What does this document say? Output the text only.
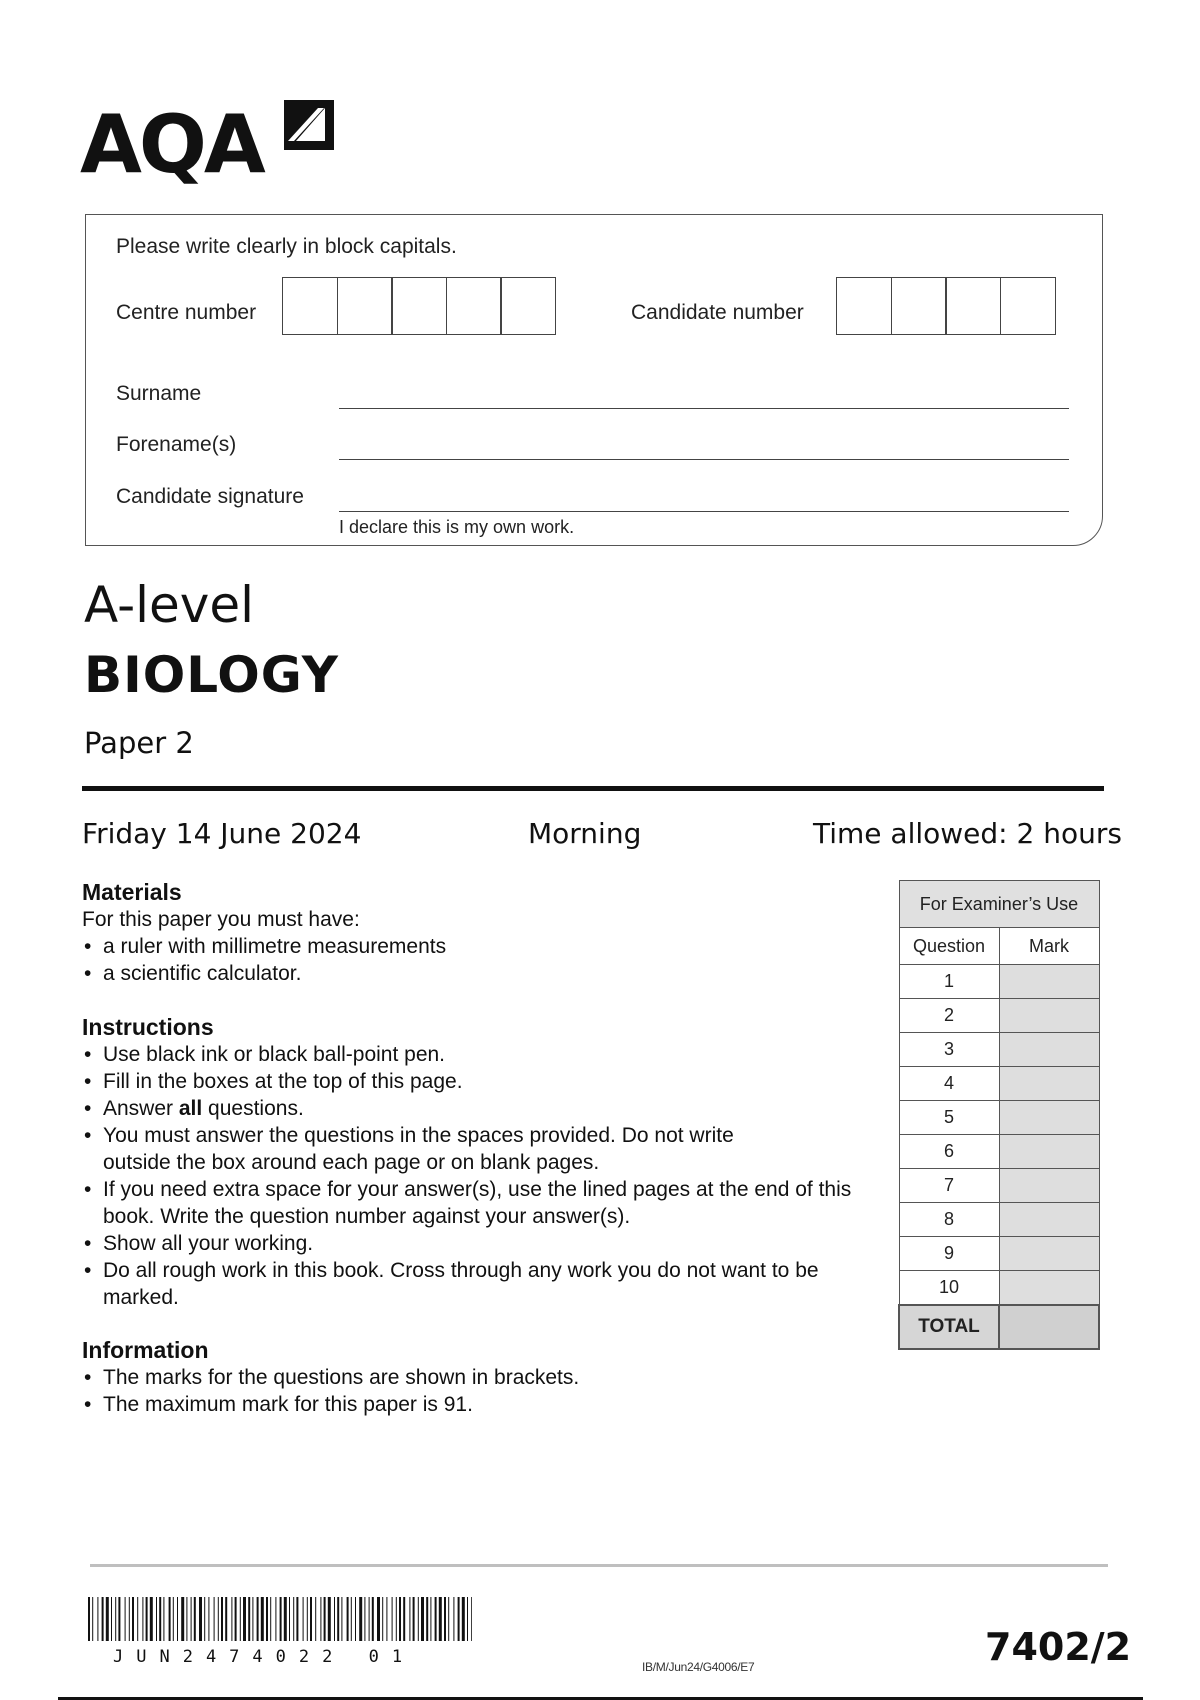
AQA
Please write clearly in block capitals.
Centre number	Candidate number
Surname
Forename(s)
Candidate signature
I declare this is my own work.
A-level
BIOLOGY
Paper 2
Friday 14 June 2024	Morning	Time allowed: 2 hours
Materials
For this paper you must have:
• a ruler with millimetre measurements
• a scientific calculator.
Instructions
• Use black ink or black ball-point pen.
• Fill in the boxes at the top of this page.
• Answer all questions.
• You must answer the questions in the spaces provided. Do not write outside the box around each page or on blank pages.
• If you need extra space for your answer(s), use the lined pages at the end of this book. Write the question number against your answer(s).
• Show all your working.
• Do all rough work in this book. Cross through any work you do not want to be marked.
Information
• The marks for the questions are shown in brackets.
• The maximum mark for this paper is 91.
For Examiner’s Use	
Question	Mark
1	
2	
3	
4	
5	
6	
7	
8	
9	
10	
TOTAL	
JUN2474022 01	IB/M/Jun24/G4006/E7	7402/2
